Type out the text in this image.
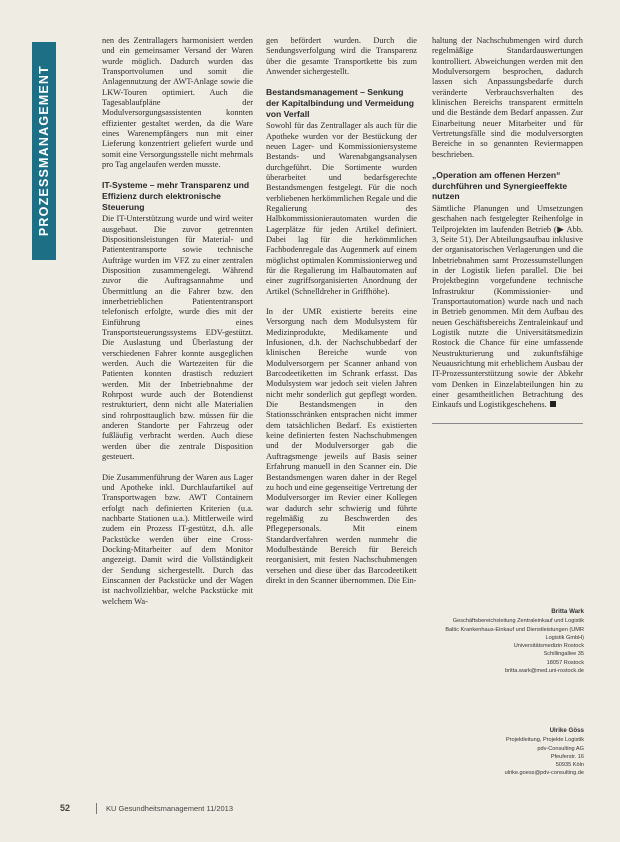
PROZESSMANAGEMENT

nen des Zentrallagers harmonisiert werden und ein gemeinsamer Versand der Waren wurde möglich. Dadurch wurden das Transportvolumen und somit die Anlagennutzung der AWT-Anlage sowie die LKW-Touren optimiert. Auch die Tagesablaufpläne der Modulversorgungsassistenten konnten effizienter gestaltet werden, da die Ware eines Warenempfängers nun mit einer Lieferung konzentriert geliefert wurde und somit eine Versorgungsstelle nicht mehrmals pro Tag angelaufen werden musste.

IT-Systeme – mehr Transparenz und Effizienz durch elektronische Steuerung

Die IT-Unterstützung wurde und wird weiter ausgebaut. Die zuvor getrennten Dispositionsleistungen für Material- und Patiententransporte sowie technische Aufträge wurden im VFZ zu einer zentralen Disposition zusammengelegt. Während zuvor die Auftragsannahme und Übermittlung an die Fahrer bzw. den innerbetrieblichen Patiententransport telefonisch erfolgte, wurde dies mit der Einführung eines Transportsteuerungssystems EDV-gestützt. Die Auslastung und Überlastung der verschiedenen Fahrer konnte ausgeglichen werden. Auch die Wartezeiten für die Patienten konnten drastisch reduziert werden. Mit der Inbetriebnahme der Rohrpost wurde auch der Botendienst restrukturiert, denn nicht alle Materialien sind rohrposttauglich bzw. müssen für die anderen Standorte per Fahrzeug oder fußläufig verbracht werden. Auch diese werden über die zentrale Disposition gesteuert.

Die Zusammenführung der Waren aus Lager und Apotheke inkl. Durchlaufartikel auf Transportwagen bzw. AWT Containern erfolgt nach definierten Kriterien (u.a. nachbarte Stationen u.a.). Mittlerweile wird zudem ein Prozess IT-gestützt, d.h. alle Packstücke werden über eine Cross-Docking-Mitarbeiter auf dem Monitor angezeigt. Damit wird die Vollständigkeit der Sendung sichergestellt. Durch das Einscannen der Packstücke und der Wagen ist nachvollziehbar, welche Packstücke mit welchem Wa-

gen befördert wurden. Durch die Sendungsverfolgung wird die Transparenz über die gesamte Transportkette bis zum Anwender sichergestellt.

Bestandsmanagement – Senkung der Kapitalbindung und Vermeidung von Verfall

Sowohl für das Zentrallager als auch für die Apotheke wurden vor der Bestückung der neuen Lager- und Kommissioniersysteme Bestands- und Warenabgangsanalysen durchgeführt. Die Sortimente wurden überarbeitet und bedarfsgerechte Bestandsmengen festgelegt. Für die noch verbliebenen herkömmlichen Regale und die Regalierung des Halbkommissionierautomaten wurden die Lagerplätze für jeden Artikel definiert. Dabei lag für die herkömmlichen Fachbodenregale das Augenmerk auf einem möglichst optimalen Kommissionierweg und für die Regalierung im Halbautomaten auf einer zugriffsorganisierten Anordnung der Artikel (Schnelldreher in Griffhöhe).

In der UMR existierte bereits eine Versorgung nach dem Modulsystem für Medizinprodukte, Medikamente und Infusionen, d.h. der Nachschubbedarf der klinischen Bereiche wurde von Modulversorgern per Scanner anhand von Barcodeetiketten im Schrank erfasst. Das Modulsystem war jedoch seit vielen Jahren nicht mehr sonderlich gut gepflegt worden. Die Bestandsmengen in den Stationsschränken entsprachen nicht immer dem tatsächlichen Bedarf. Es existierten keine definierten festen Nachschubmengen und der Modulversorger gab die Auftragsmenge jeweils auf Basis seiner Erfahrung manuell in den Scanner ein. Die Bestandsmengen waren daher in der Regel zu hoch und eine gegenseitige Vertretung der Modulversorger im Revier einer Kollegen war dadurch sehr schwierig und führte regelmäßig zu Beschwerden des Pflegepersonals. Mit einem Standardverfahren werden nunmehr die Modulbestände Bereich für Bereich reorganisiert, mit festen Nachschubmengen versehen und diese über das Barcodeetikett direkt in den Scanner übernommen. Die Ein-

haltung der Nachschubmengen wird durch regelmäßige Standardauswertungen kontrolliert. Abweichungen werden mit den Modulversorgern besprochen, dadurch lassen sich Anpassungsbedarfe durch veränderte Verbrauchsverhalten des klinischen Bereichs transparent ermitteln und die Bestände dem Bedarf anpassen. Zur Einarbeitung neuer Mitarbeiter und für Vertretungsfälle sind die modulversorgten Bereiche in so genannten Reviermappen beschrieben.

„Operation am offenen Herzen“ durchführen und Synergieeffekte nutzen

Sämtliche Planungen und Umsetzungen geschahen nach festgelegter Reihenfolge in Teilprojekten im laufenden Betrieb (▶ Abb. 3, Seite 51). Der Abteilungsaufbau inklusive der organisatorischen Verlagerungen und die Inbetriebnahmen samt Prozessumstellungen in der Logistik liefen parallel. Die bei Projektbeginn vorgefundene technische Infrastruktur (Kommissionier- und Transportautomation) wurde nach und nach in Betrieb genommen. Mit dem Aufbau des neuen Geschäftsbereichs Zentraleinkauf und Logistik nutzte die Universitätsmedizin Rostock die Chance für eine umfassende Neustrukturierung und zukunftsfähige Neuausrichtung mit erheblichem Ausbau der IT-Prozessunterstützung sowie der Abkehr vom Denken in Einzelabteilungen hin zu einer gesamtheitlichen Betrachtung des Einkaufs und Logistikgeschehens.

Britta Wark
Geschäftsbereichsleitung Zentraleinkauf und Logistik
Baltic Krankenhaus-Einkauf und Dienstleistungen (UMR Logistik GmbH)
Universitätsmedizin Rostock
Schillingallee 35
18057 Rostock
britta.wark@med.uni-rostock.de
Ulrike Göss
Projektleitung, Projekte Logistik
pdv-Consulting AG
Pfeuferstr. 16
50935 Köln
ulrike.goess@pdv-consulting.de
52	KU Gesundheitsmanagement 11/2013
